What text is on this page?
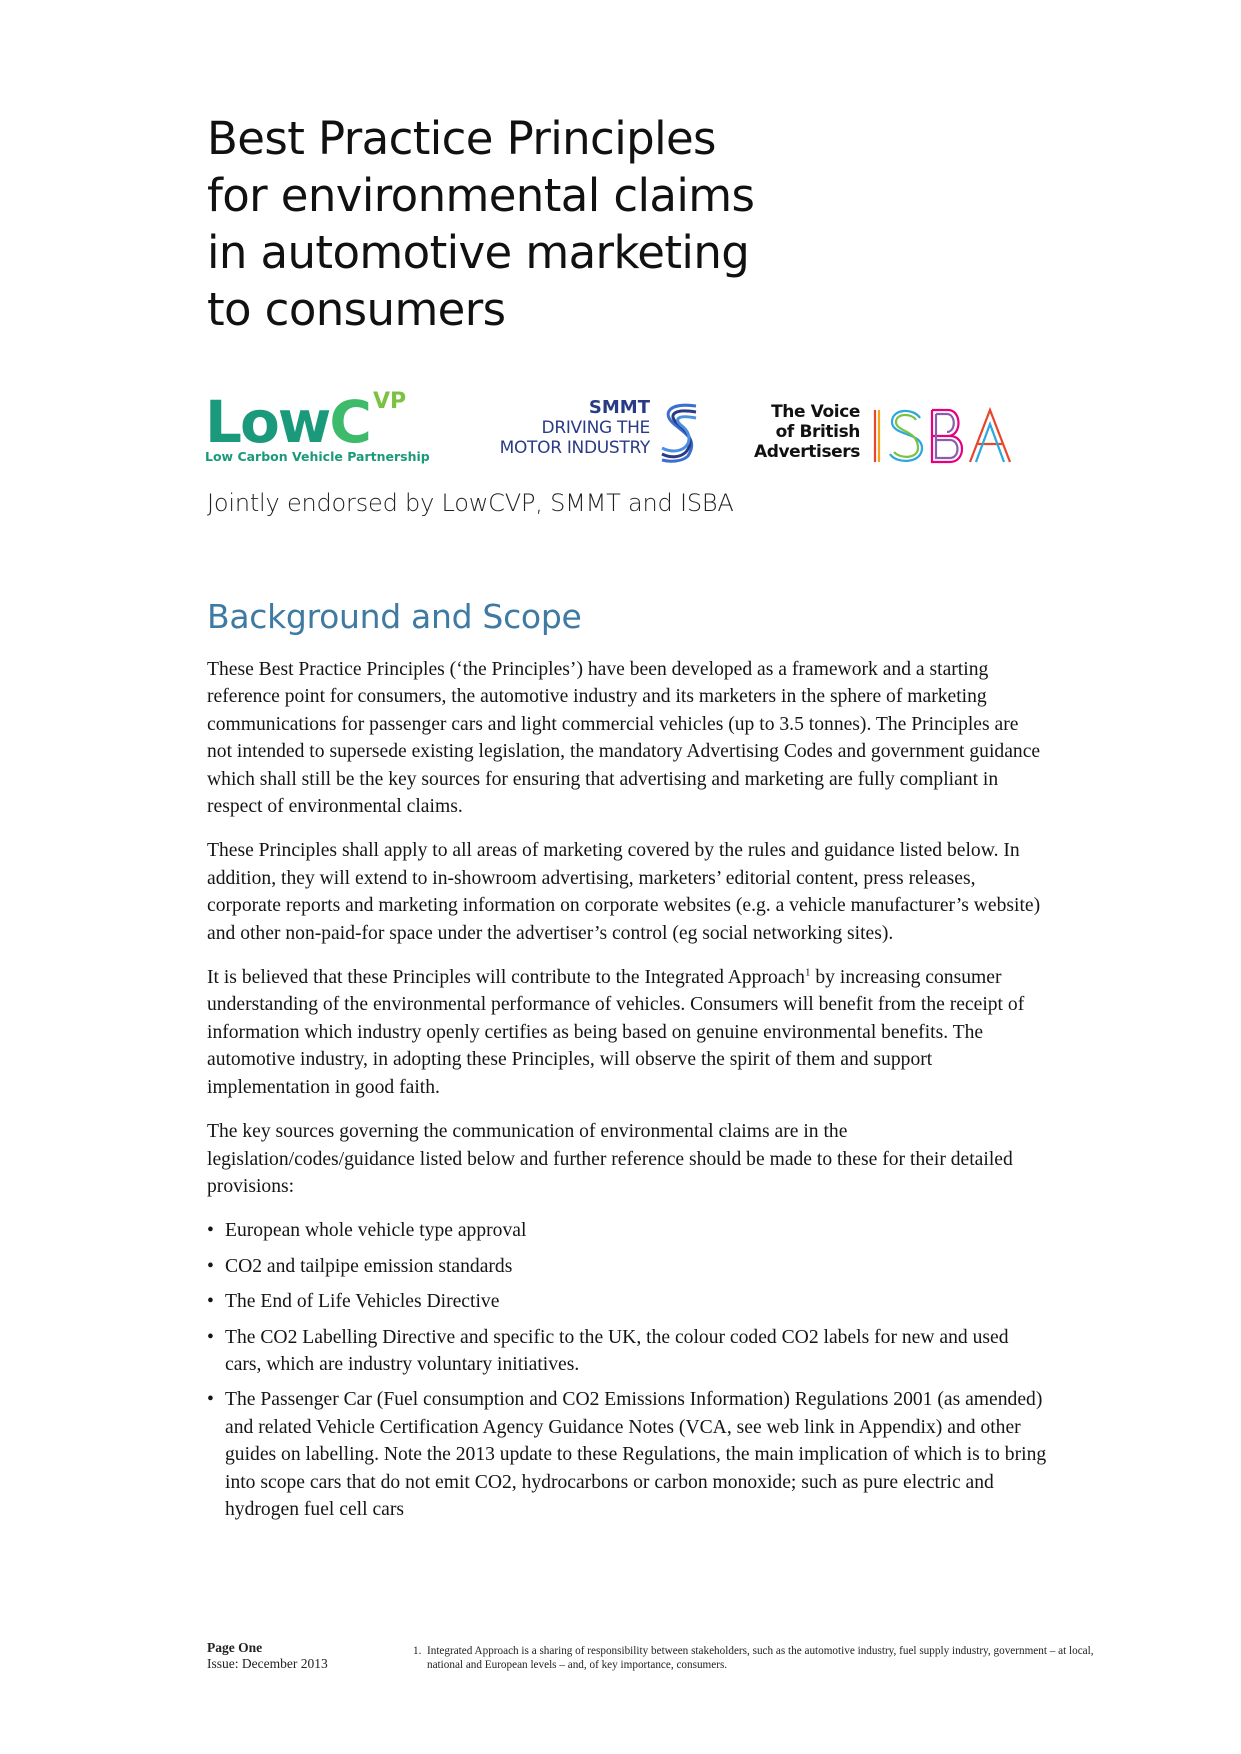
Best Practice Principles
for environmental claims
in automotive marketing
to consumers
LowC VP
Low Carbon Vehicle Partnership
SMMT
DRIVING THE
MOTOR INDUSTRY
The Voice
of British
Advertisers
Jointly endorsed by LowCVP, SMMT and ISBA
Background and Scope

These Best Practice Principles (‘the Principles’) have been developed as a framework and a starting reference point for consumers, the automotive industry and its marketers in the sphere of marketing communications for passenger cars and light commercial vehicles (up to 3.5 tonnes). The Principles are not intended to supersede existing legislation, the mandatory Advertising Codes and government guidance which shall still be the key sources for ensuring that advertising and marketing are fully compliant in respect of environmental claims.

These Principles shall apply to all areas of marketing covered by the rules and guidance listed below. In addition, they will extend to in-showroom advertising, marketers’ editorial content, press releases, corporate reports and marketing information on corporate websites (e.g. a vehicle manufacturer’s website) and other non-paid-for space under the advertiser’s control (eg social networking sites).

It is believed that these Principles will contribute to the Integrated Approach$^1$ by increasing consumer understanding of the environmental performance of vehicles. Consumers will benefit from the receipt of information which industry openly certifies as being based on genuine environmental benefits. The automotive industry, in adopting these Principles, will observe the spirit of them and support implementation in good faith.

The key sources governing the communication of environmental claims are in the legislation/codes/guidance listed below and further reference should be made to these for their detailed provisions:

• European whole vehicle type approval
• CO2 and tailpipe emission standards
• The End of Life Vehicles Directive
• The CO2 Labelling Directive and specific to the UK, the colour coded CO2 labels for new and used cars, which are industry voluntary initiatives.
• The Passenger Car (Fuel consumption and CO2 Emissions Information) Regulations 2001 (as amended) and related Vehicle Certification Agency Guidance Notes (VCA, see web link in Appendix) and other guides on labelling. Note the 2013 update to these Regulations, the main implication of which is to bring into scope cars that do not emit CO2, hydrocarbons or carbon monoxide; such as pure electric and hydrogen fuel cell cars
Page One
Issue: December 2013
1. Integrated Approach is a sharing of responsibility between stakeholders, such as the automotive industry, fuel supply industry, government – at local, national and European levels – and, of key importance, consumers.
